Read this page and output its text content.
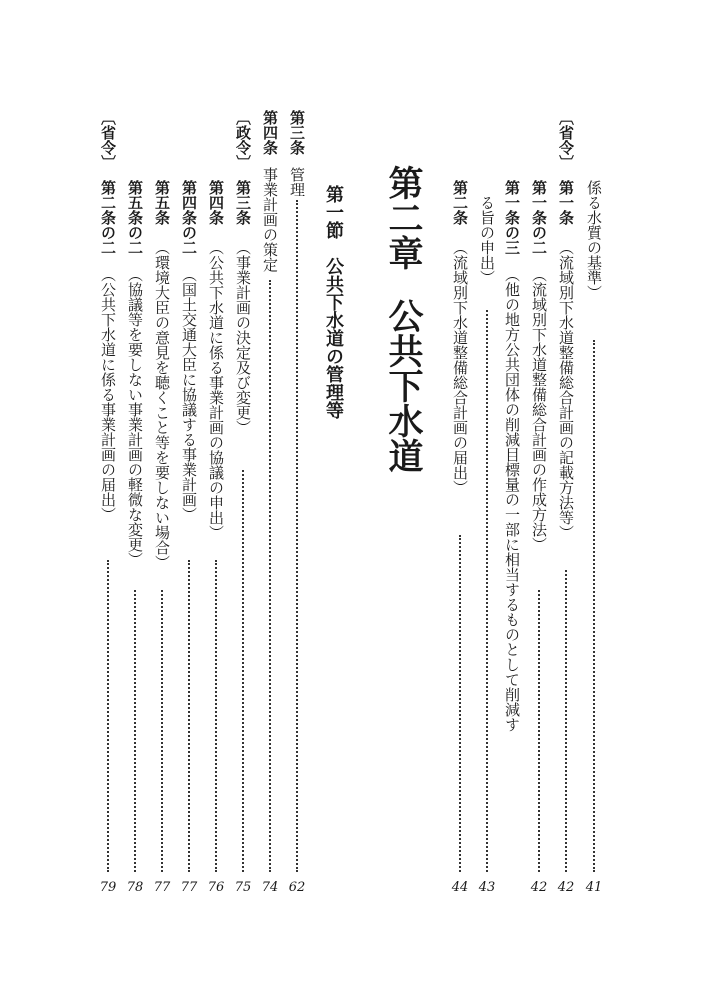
第二章公共下水道
第一節公共下水道の管理等
係る水質の基準）
41
〔省令〕
第一条（流域別下水道整備総合計画の記載方法等）
42
第一条の二（流域別下水道整備総合計画の作成方法）
42
第一条の三（他の地方公共団体の削減目標量の一部に相当するものとして削減す
る旨の申出）
43
第二条（流域別下水道整備総合計画の届出）
44
第三条管理
62
第四条事業計画の策定
74
〔政令〕
第三条（事業計画の決定及び変更）
75
第四条（公共下水道に係る事業計画の協議の申出）
76
第四条の二（国土交通大臣に協議する事業計画）
77
第五条（環境大臣の意見を聴くこと等を要しない場合）
77
第五条の二（協議等を要しない事業計画の軽微な変更）
78
〔省令〕
第二条の二（公共下水道に係る事業計画の届出）
79
